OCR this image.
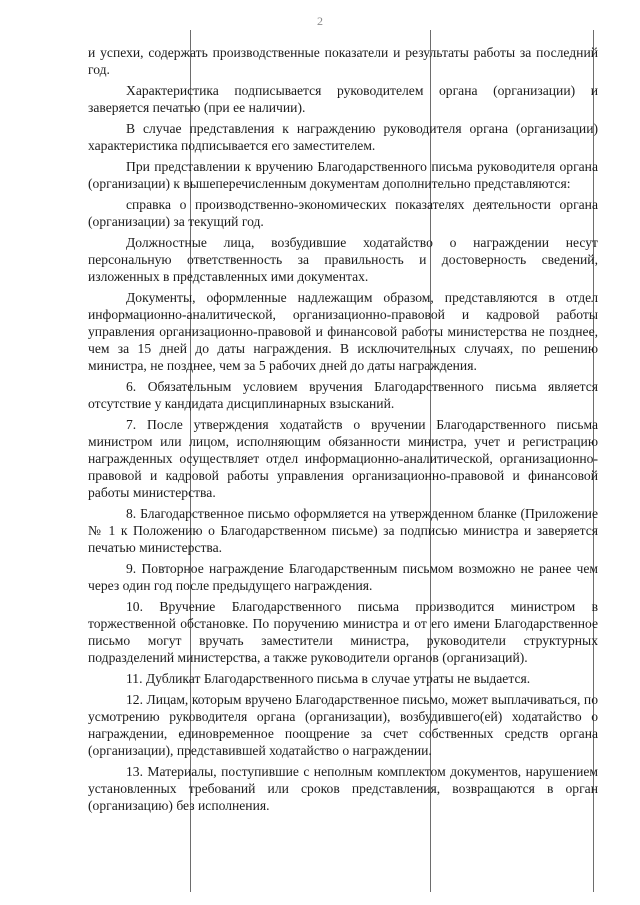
2

и успехи, содержать производственные показатели и результаты работы за последний год.

Характеристика подписывается руководителем органа (организации) и заверяется печатью (при ее наличии).

В случае представления к награждению руководителя органа (организации) характеристика подписывается его заместителем.

При представлении к вручению Благодарственного письма руководителя органа (организации) к вышеперечисленным документам дополнительно представляются:

справка о производственно-экономических показателях деятельности органа (организации) за текущий год.

Должностные лица, возбудившие ходатайство о награждении несут персональную ответственность за правильность и достоверность сведений, изложенных в представленных ими документах.

Документы, оформленные надлежащим образом, представляются в отдел информационно-аналитической, организационно-правовой и кадровой работы управления организационно-правовой и финансовой работы министерства не позднее, чем за 15 дней до даты награждения. В исключительных случаях, по решению министра, не позднее, чем за 5 рабочих дней до даты награждения.

6. Обязательным условием вручения Благодарственного письма является отсутствие у кандидата дисциплинарных взысканий.

7. После утверждения ходатайств о вручении Благодарственного письма министром или лицом, исполняющим обязанности министра, учет и регистрацию награжденных осуществляет отдел информационно-аналитической, организационно-правовой и кадровой работы управления организационно-правовой и финансовой работы министерства.

8. Благодарственное письмо оформляется на утвержденном бланке (Приложение № 1 к Положению о Благодарственном письме) за подписью министра и заверяется печатью министерства.

9. Повторное награждение Благодарственным письмом возможно не ранее чем через один год после предыдущего награждения.

10. Вручение Благодарственного письма производится министром в торжественной обстановке. По поручению министра и от его имени Благодарственное письмо могут вручать заместители министра, руководители структурных подразделений министерства, а также руководители органов (организаций).

11. Дубликат Благодарственного письма в случае утраты не выдается.

12. Лицам, которым вручено Благодарственное письмо, может выплачиваться, по усмотрению руководителя органа (организации), возбудившего(ей) ходатайство о награждении, единовременное поощрение за счет собственных средств органа (организации), представившей ходатайство о награждении.

13. Материалы, поступившие с неполным комплектом документов, нарушением установленных требований или сроков представления, возвращаются в орган (организацию) без исполнения.
